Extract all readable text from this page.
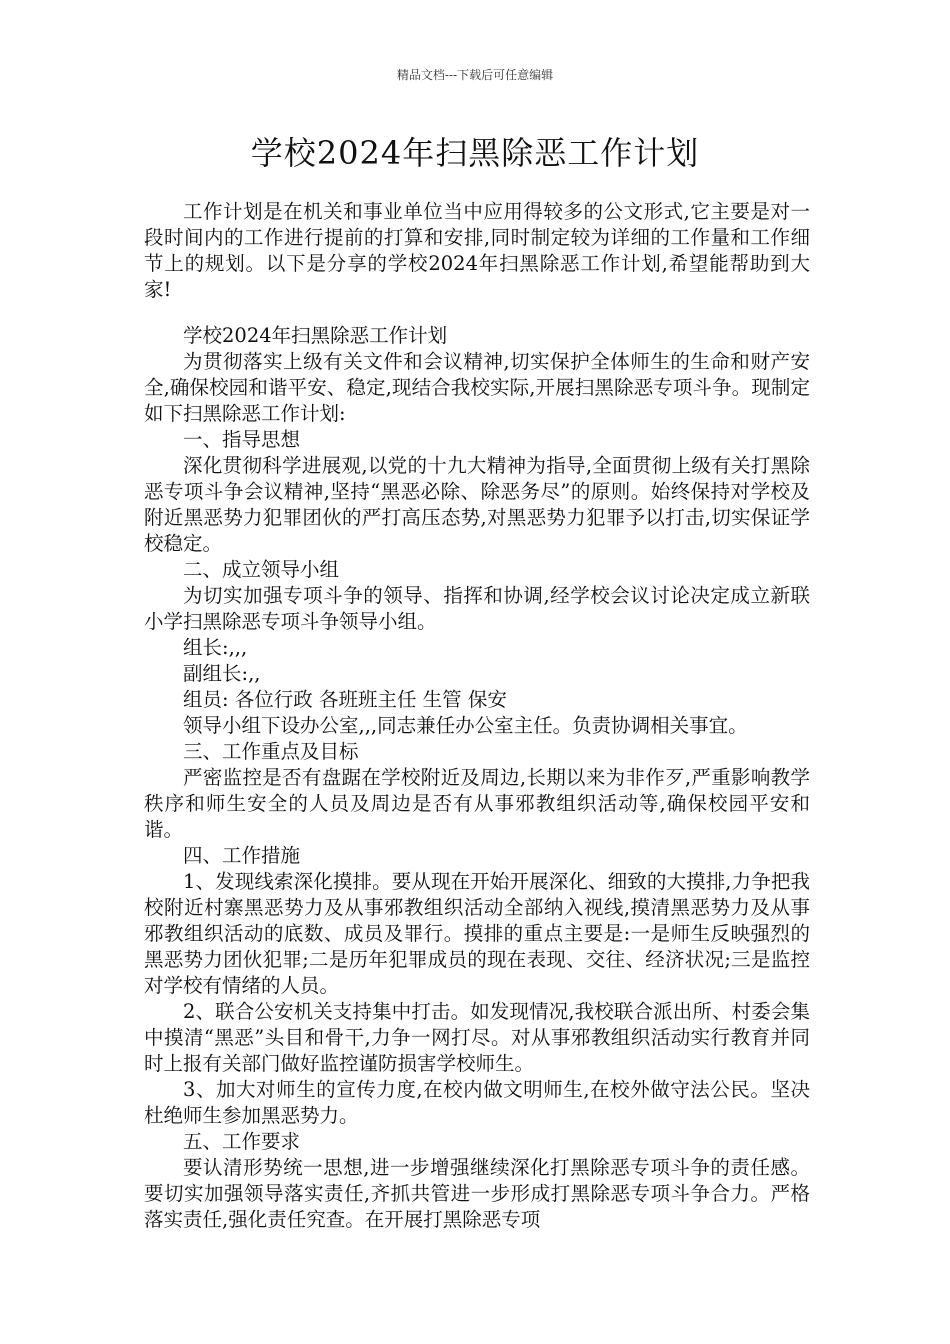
精品文档---下载后可任意编辑
学校2024年扫黑除恶工作计划

工作计划是在机关和事业单位当中应用得较多的公文形式,它主要是对一段时间内的工作进行提前的打算和安排,同时制定较为详细的工作量和工作细节上的规划。以下是分享的学校2024年扫黑除恶工作计划,希望能帮助到大家!

学校2024年扫黑除恶工作计划

为贯彻落实上级有关文件和会议精神,切实保护全体师生的生命和财产安全,确保校园和谐平安、稳定,现结合我校实际,开展扫黑除恶专项斗争。现制定如下扫黑除恶工作计划:

一、指导思想

深化贯彻科学进展观,以党的十九大精神为指导,全面贯彻上级有关打黑除恶专项斗争会议精神,坚持“黑恶必除、除恶务尽”的原则。始终保持对学校及附近黑恶势力犯罪团伙的严打高压态势,对黑恶势力犯罪予以打击,切实保证学校稳定。

二、成立领导小组

为切实加强专项斗争的领导、指挥和协调,经学校会议讨论决定成立新联小学扫黑除恶专项斗争领导小组。

组长:,,,

副组长:,,

组员: 各位行政 各班班主任 生管 保安

领导小组下设办公室,,,同志兼任办公室主任。负责协调相关事宜。

三、工作重点及目标

严密监控是否有盘踞在学校附近及周边,长期以来为非作歹,严重影响教学秩序和师生安全的人员及周边是否有从事邪教组织活动等,确保校园平安和谐。

四、工作措施

1、发现线索深化摸排。要从现在开始开展深化、细致的大摸排,力争把我校附近村寨黑恶势力及从事邪教组织活动全部纳入视线,摸清黑恶势力及从事邪教组织活动的底数、成员及罪行。摸排的重点主要是:一是师生反映强烈的黑恶势力团伙犯罪;二是历年犯罪成员的现在表现、交往、经济状况;三是监控对学校有情绪的人员。

2、联合公安机关支持集中打击。如发现情况,我校联合派出所、村委会集中摸清“黑恶”头目和骨干,力争一网打尽。对从事邪教组织活动实行教育并同时上报有关部门做好监控谨防损害学校师生。

3、加大对师生的宣传力度,在校内做文明师生,在校外做守法公民。坚决杜绝师生参加黑恶势力。

五、工作要求

要认清形势统一思想,进一步增强继续深化打黑除恶专项斗争的责任感。要切实加强领导落实责任,齐抓共管进一步形成打黑除恶专项斗争合力。严格落实责任,强化责任究查。在开展打黑除恶专项
